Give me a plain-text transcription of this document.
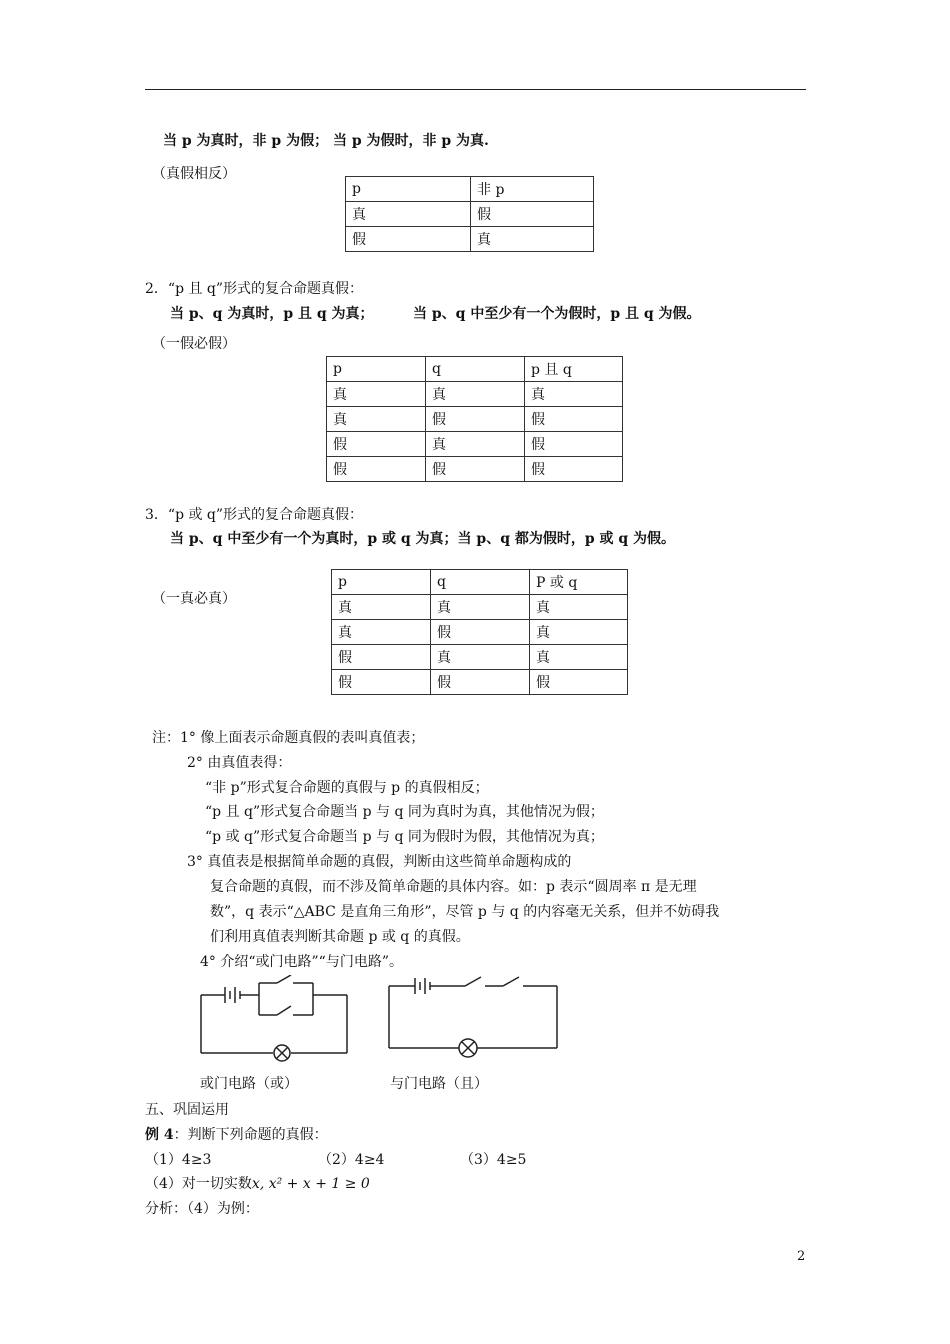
当 p 为真时，非 p 为假； 当 p 为假时，非 p 为真.
（真假相反）
p	非 p
真	假
假	真
2．“p 且 q”形式的复合命题真假：
当 p、q 为真时，p 且 q 为真；	当 p、q 中至少有一个为假时，p 且 q 为假。
（一假必假）
p	q	p 且 q
真	真	真
真	假	假
假	真	假
假	假	假
3．“p 或 q”形式的复合命题真假：
当 p、q 中至少有一个为真时，p 或 q 为真；当 p、q 都为假时，p 或 q 为假。
（一真必真）
p	q	P 或 q
真	真	真
真	假	真
假	真	真
假	假	假
注：1° 像上面表示命题真假的表叫真值表；
2° 由真值表得：
“非 p”形式复合命题的真假与 p 的真假相反；
“p 且 q”形式复合命题当 p 与 q 同为真时为真，其他情况为假；
“p 或 q”形式复合命题当 p 与 q 同为假时为假，其他情况为真；
3° 真值表是根据简单命题的真假，判断由这些简单命题构成的
复合命题的真假，而不涉及简单命题的具体内容。如：p 表示“圆周率 π 是无理
数”，q 表示“△ABC 是直角三角形”，尽管 p 与 q 的内容毫无关系，但并不妨碍我
们利用真值表判断其命题 p 或 q 的真假。
4° 介绍“或门电路”“与门电路”。
或门电路（或）	与门电路（且）
五、巩固运用
例 4：判断下列命题的真假：
（1）4≥3	（2）4≥4	（3）4≥5
（4）对一切实数x, x² + x + 1 ≥ 0
分析：（4）为例：
2
